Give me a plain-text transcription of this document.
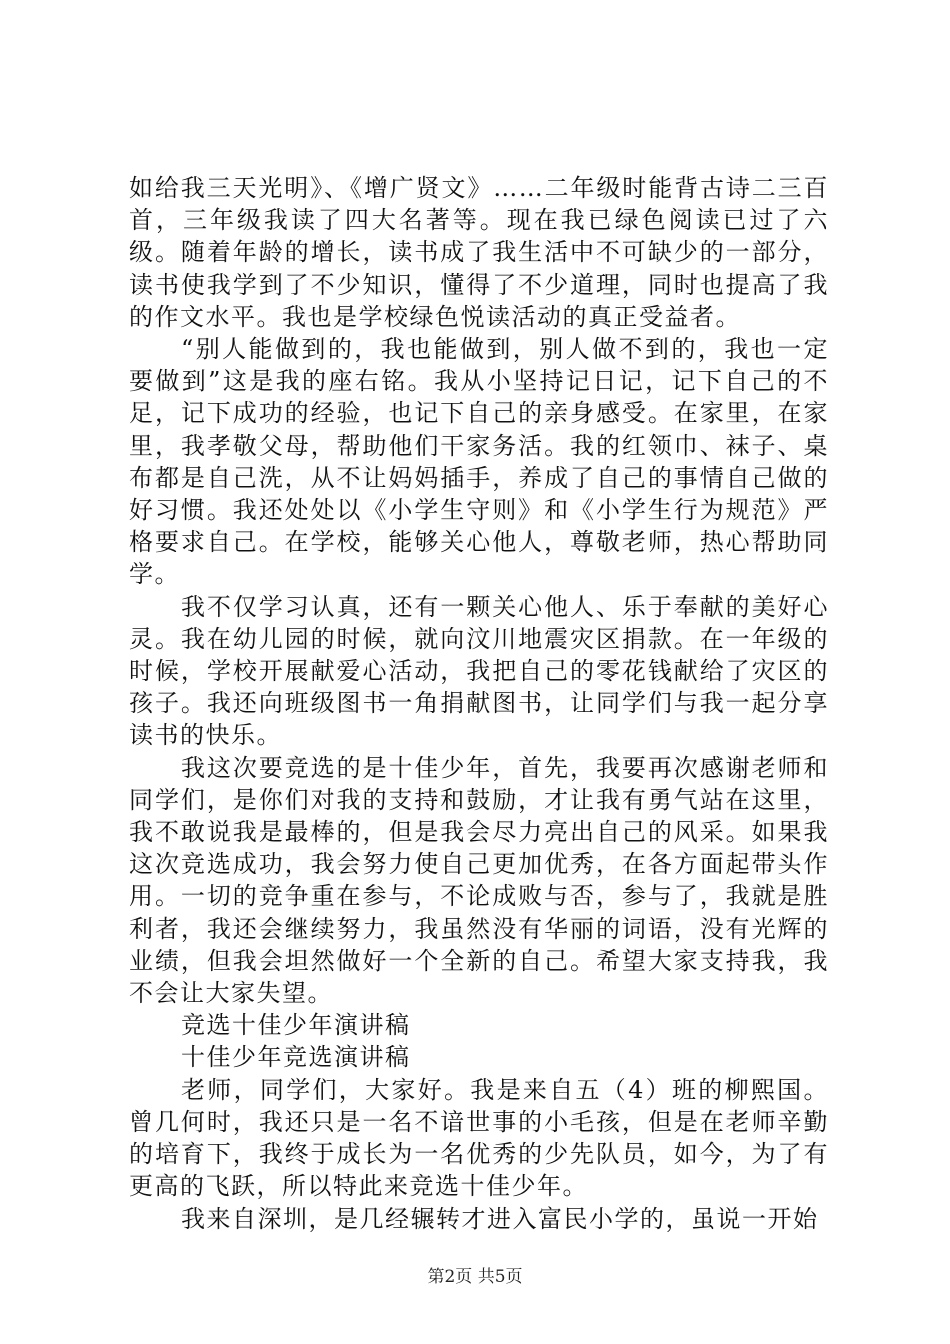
如给我三天光明》、《增广贤文》……二年级时能背古诗二三百首，三年级我读了四大名著等。现在我已绿色阅读已过了六级。随着年龄的增长，读书成了我生活中不可缺少的一部分，读书使我学到了不少知识，懂得了不少道理，同时也提高了我的作文水平。我也是学校绿色悦读活动的真正受益者。

“别人能做到的，我也能做到，别人做不到的，我也一定要做到”这是我的座右铭。我从小坚持记日记，记下自己的不足，记下成功的经验，也记下自己的亲身感受。在家里，在家里，我孝敬父母，帮助他们干家务活。我的红领巾、袜子、桌布都是自己洗，从不让妈妈插手，养成了自己的事情自己做的好习惯。我还处处以《小学生守则》和《小学生行为规范》严格要求自己。在学校，能够关心他人，尊敬老师，热心帮助同学。

我不仅学习认真，还有一颗关心他人、乐于奉献的美好心灵。我在幼儿园的时候，就向汶川地震灾区捐款。在一年级的时候，学校开展献爱心活动，我把自己的零花钱献给了灾区的孩子。我还向班级图书一角捐献图书，让同学们与我一起分享读书的快乐。

我这次要竞选的是十佳少年，首先，我要再次感谢老师和同学们，是你们对我的支持和鼓励，才让我有勇气站在这里，我不敢说我是最棒的，但是我会尽力亮出自己的风采。如果我这次竞选成功，我会努力使自己更加优秀，在各方面起带头作用。一切的竞争重在参与，不论成败与否，参与了，我就是胜利者，我还会继续努力，我虽然没有华丽的词语，没有光辉的业绩，但我会坦然做好一个全新的自己。希望大家支持我，我不会让大家失望。

竞选十佳少年演讲稿

十佳少年竞选演讲稿

老师，同学们，大家好。我是来自五（4）班的柳熙国。曾几何时，我还只是一名不谙世事的小毛孩，但是在老师辛勤的培育下，我终于成长为一名优秀的少先队员，如今，为了有更高的飞跃，所以特此来竞选十佳少年。

我来自深圳，是几经辗转才进入富民小学的，虽说一开始

第2页 共5页
